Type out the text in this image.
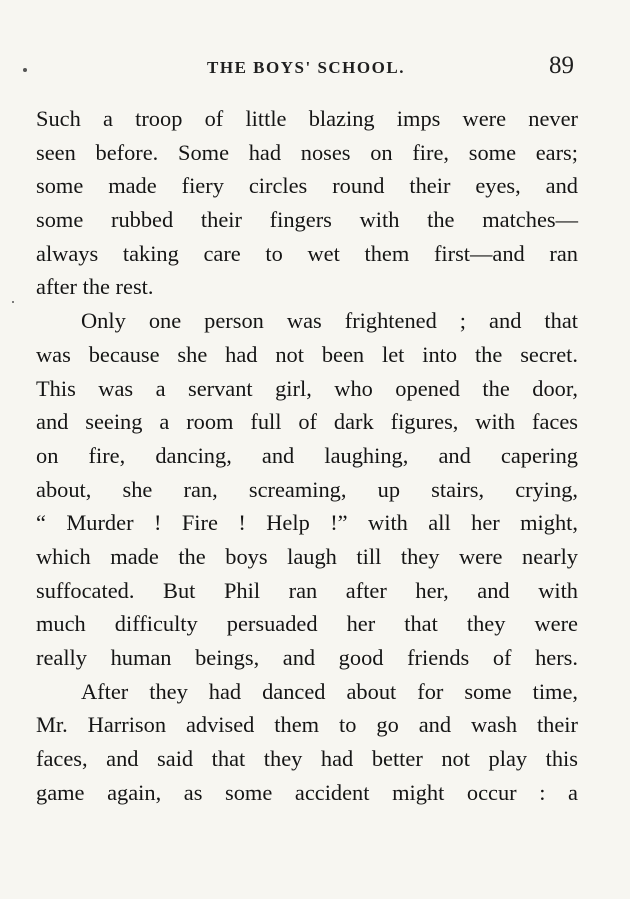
THE BOYS' SCHOOL.	89
Such a troop of little blazing imps were never
seen before. Some had noses on fire, some ears;
some made fiery circles round their eyes, and
some rubbed their fingers with the matches—
always taking care to wet them first—and ran
after the rest.
Only one person was frightened ; and that
was because she had not been let into the secret.
This was a servant girl, who opened the door,
and seeing a room full of dark figures, with faces
on fire, dancing, and laughing, and capering
about, she ran, screaming, up stairs, crying,
“ Murder ! Fire ! Help !” with all her might,
which made the boys laugh till they were nearly
suffocated. But Phil ran after her, and with
much difficulty persuaded her that they were
really human beings, and good friends of hers.
After they had danced about for some time,
Mr. Harrison advised them to go and wash their
faces, and said that they had better not play this
game again, as some accident might occur : a
